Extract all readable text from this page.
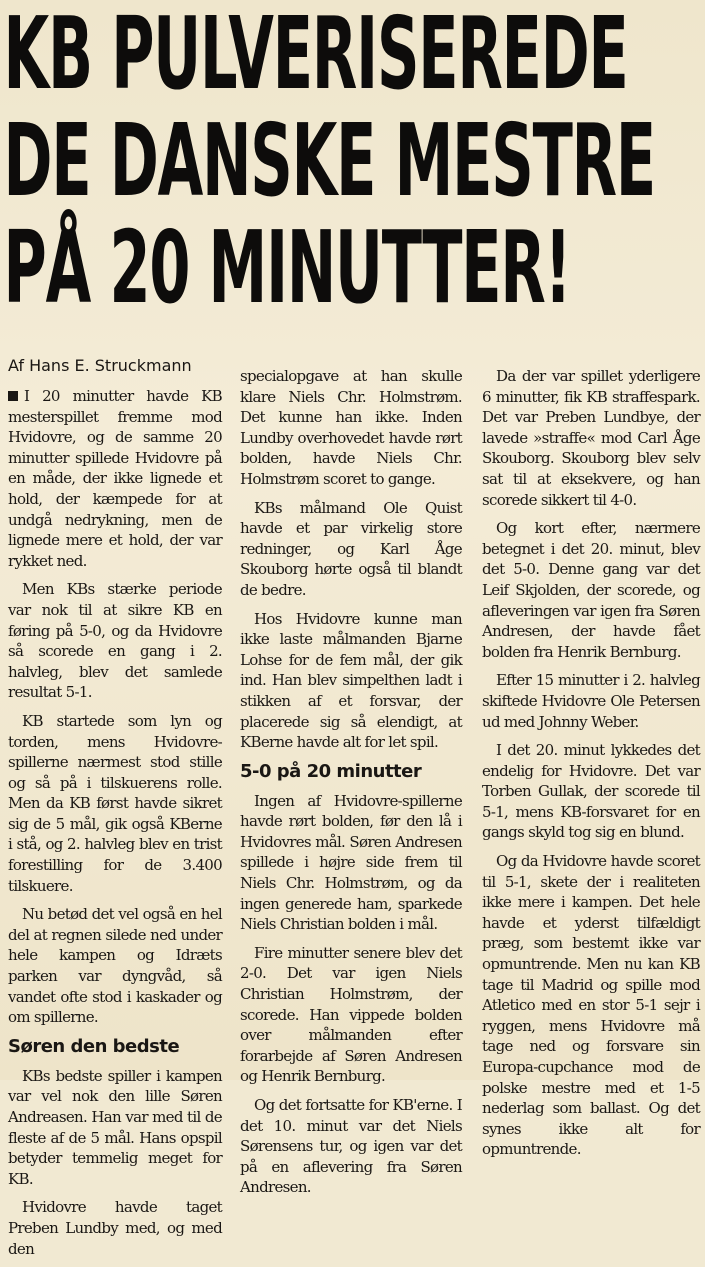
KB PULVERISEREDE
DE DANSKE MESTRE
PÅ 20 MINUTTER!
Af Hans E. Struckmann

I 20 minutter havde KB mesterspillet fremme mod Hvidovre, og de samme 20 minutter spillede Hvidovre på en måde, der ikke lignede et hold, der kæmpede for at undgå nedrykning, men de lignede mere et hold, der var rykket ned.

Men KBs stærke periode var nok til at sikre KB en føring på 5-0, og da Hvidovre så scorede en gang i 2. halvleg, blev det samlede resultat 5-1.

KB startede som lyn og torden, mens Hvidovre-spillerne nærmest stod stille og så på i tilskuerens rolle. Men da KB først havde sikret sig de 5 mål, gik også KBerne i stå, og 2. halvleg blev en trist forestilling for de 3.400 tilskuere.

Nu betød det vel også en hel del at regnen silede ned under hele kampen og Idræts parken var dyngvåd, så vandet ofte stod i kaskader og om spillerne.

Søren den bedste

KBs bedste spiller i kampen var vel nok den lille Søren Andreasen. Han var med til de fleste af de 5 mål. Hans opspil betyder temmelig meget for KB.

Hvidovre havde taget Preben Lundby med, og med den

specialopgave at han skulle klare Niels Chr. Holmstrøm. Det kunne han ikke. Inden Lundby overhovedet havde rørt bolden, havde Niels Chr. Holmstrøm scoret to gange.

KBs målmand Ole Quist havde et par virkelig store redninger, og Karl Åge Skouborg hørte også til blandt de bedre.

Hos Hvidovre kunne man ikke laste målmanden Bjarne Lohse for de fem mål, der gik ind. Han blev simpelthen ladt i stikken af et forsvar, der placerede sig så elendigt, at KBerne havde alt for let spil.

5-0 på 20 minutter

Ingen af Hvidovre-spillerne havde rørt bolden, før den lå i Hvidovres mål. Søren Andresen spillede i højre side frem til Niels Chr. Holmstrøm, og da ingen generede ham, sparkede Niels Christian bolden i mål.

Fire minutter senere blev det 2-0. Det var igen Niels Christian Holmstrøm, der scorede. Han vippede bolden over målmanden efter forarbejde af Søren Andresen og Henrik Bernburg.

Og det fortsatte for KB'erne. I det 10. minut var det Niels Sørensens tur, og igen var det på en aflevering fra Søren Andresen.

Da der var spillet yderligere 6 minutter, fik KB straffespark. Det var Preben Lundbye, der lavede »straffe« mod Carl Åge Skouborg. Skouborg blev selv sat til at eksekvere, og han scorede sikkert til 4-0.

Og kort efter, nærmere betegnet i det 20. minut, blev det 5-0. Denne gang var det Leif Skjolden, der scorede, og afleveringen var igen fra Søren Andresen, der havde fået bolden fra Henrik Bernburg.

Efter 15 minutter i 2. halvleg skiftede Hvidovre Ole Petersen ud med Johnny Weber.

I det 20. minut lykkedes det endelig for Hvidovre. Det var Torben Gullak, der scorede til 5-1, mens KB-forsvaret for en gangs skyld tog sig en blund.

Og da Hvidovre havde scoret til 5-1, skete der i realiteten ikke mere i kampen. Det hele havde et yderst tilfældigt præg, som bestemt ikke var opmuntrende. Men nu kan KB tage til Madrid og spille mod Atletico med en stor 5-1 sejr i ryggen, mens Hvidovre må tage ned og forsvare sin Europa-cupchance mod de polske mestre med et 1-5 nederlag som ballast. Og det synes ikke alt for opmuntrende.
